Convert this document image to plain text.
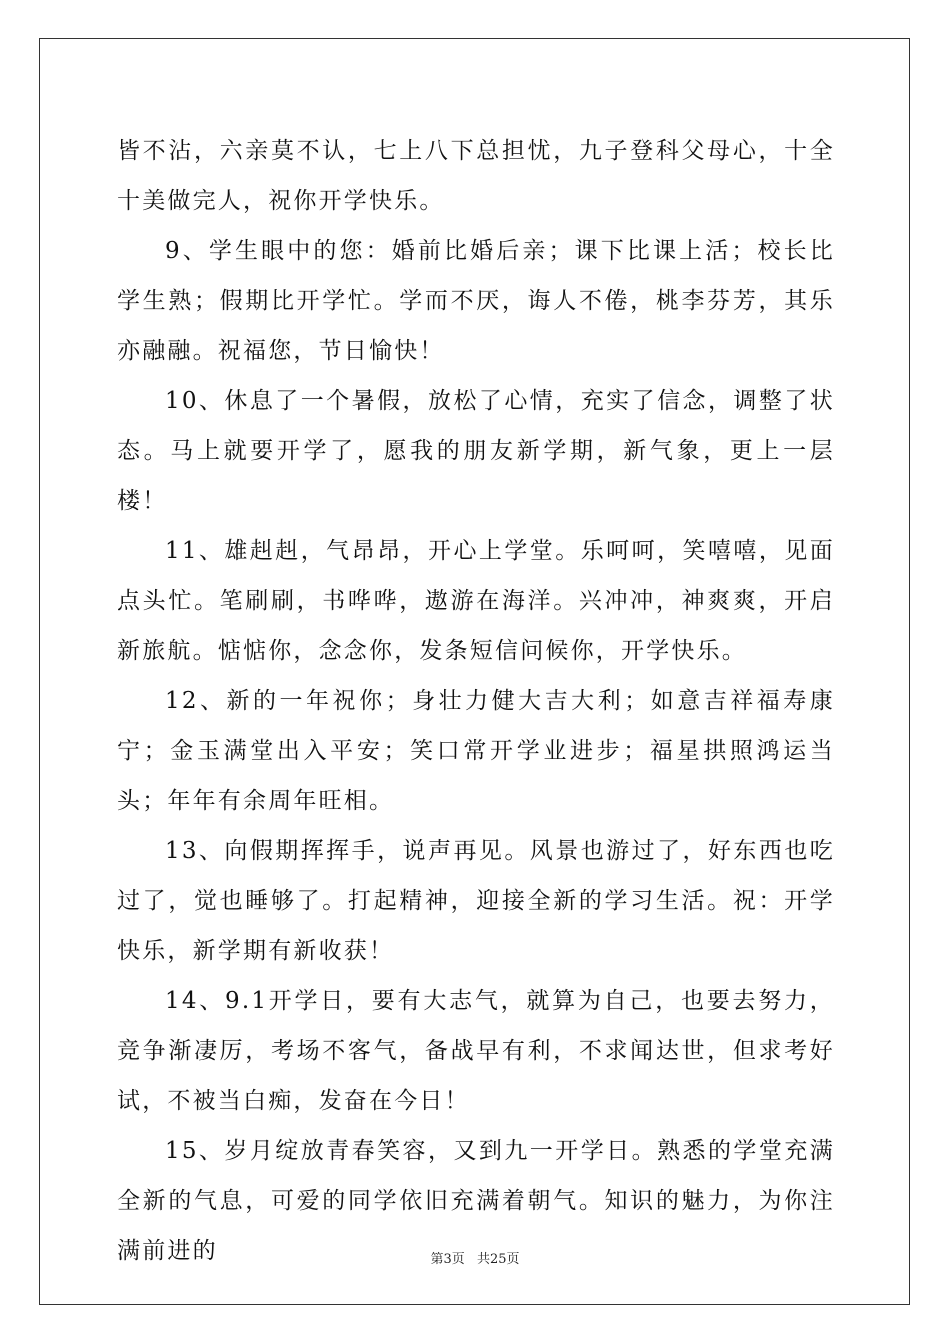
皆不沾，六亲莫不认，七上八下总担忧，九子登科父母心，十全十美做完人，祝你开学快乐。

9、学生眼中的您：婚前比婚后亲；课下比课上活；校长比学生熟；假期比开学忙。学而不厌，诲人不倦，桃李芬芳，其乐亦融融。祝福您，节日愉快！

10、休息了一个暑假，放松了心情，充实了信念，调整了状态。马上就要开学了，愿我的朋友新学期，新气象，更上一层楼！

11、雄赳赳，气昂昂，开心上学堂。乐呵呵，笑嘻嘻，见面点头忙。笔刷刷，书哗哗，遨游在海洋。兴冲冲，神爽爽，开启新旅航。惦惦你，念念你，发条短信问候你，开学快乐。

12、新的一年祝你；身壮力健大吉大利；如意吉祥福寿康宁；金玉满堂出入平安；笑口常开学业进步；福星拱照鸿运当头；年年有余周年旺相。

13、向假期挥挥手，说声再见。风景也游过了，好东西也吃过了，觉也睡够了。打起精神，迎接全新的学习生活。祝：开学快乐，新学期有新收获！

14、9.1开学日，要有大志气，就算为自己，也要去努力，竞争渐凄厉，考场不客气，备战早有利，不求闻达世，但求考好试，不被当白痴，发奋在今日！

15、岁月绽放青春笑容，又到九一开学日。熟悉的学堂充满全新的气息，可爱的同学依旧充满着朝气。知识的魅力，为你注满前进的	第3页 共25页
